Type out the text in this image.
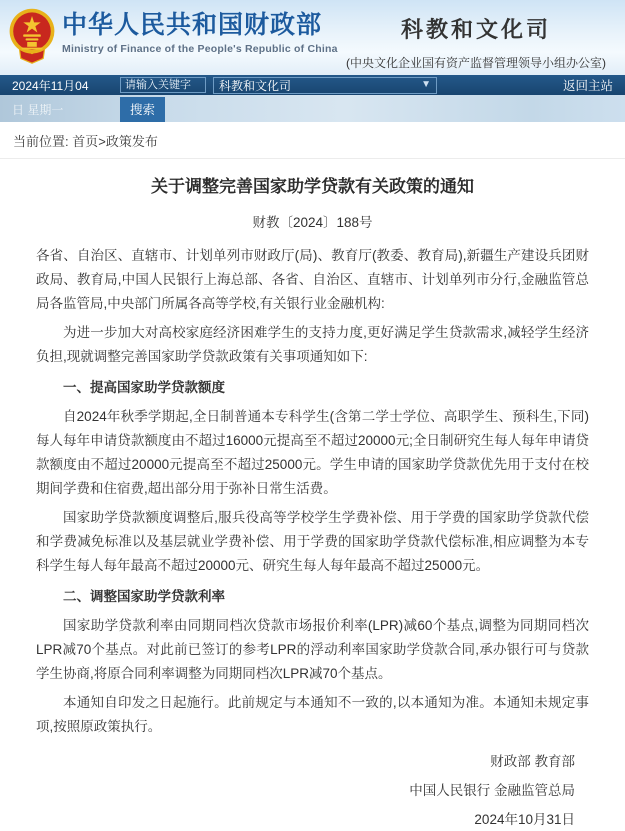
中华人民共和国财政部
Ministry of Finance of the People's Republic of China
科教和文化司
(中央文化企业国有资产监督管理领导小组办公室)
2024年11月04
请输入关键字	科教和文化司	▼	返回主站
日 星期一	搜索
当前位置: 首页>政策发布
关于调整完善国家助学贷款有关政策的通知
财教〔2024〕188号

各省、自治区、直辖市、计划单列市财政厅(局)、教育厅(教委、教育局),新疆生产建设兵团财政局、教育局,中国人民银行上海总部、各省、自治区、直辖市、计划单列市分行,金融监管总局各监管局,中央部门所属各高等学校,有关银行业金融机构:

为进一步加大对高校家庭经济困难学生的支持力度,更好满足学生贷款需求,减轻学生经济负担,现就调整完善国家助学贷款政策有关事项通知如下:

一、提高国家助学贷款额度

自2024年秋季学期起,全日制普通本专科学生(含第二学士学位、高职学生、预科生,下同)每人每年申请贷款额度由不超过16000元提高至不超过20000元;全日制研究生每人每年申请贷款额度由不超过20000元提高至不超过25000元。学生申请的国家助学贷款优先用于支付在校期间学费和住宿费,超出部分用于弥补日常生活费。

国家助学贷款额度调整后,服兵役高等学校学生学费补偿、用于学费的国家助学贷款代偿和学费减免标准以及基层就业学费补偿、用于学费的国家助学贷款代偿标准,相应调整为本专科学生每人每年最高不超过20000元、研究生每人每年最高不超过25000元。

二、调整国家助学贷款利率

国家助学贷款利率由同期同档次贷款市场报价利率(LPR)减60个基点,调整为同期同档次LPR减70个基点。对此前已签订的参考LPR的浮动利率国家助学贷款合同,承办银行可与贷款学生协商,将原合同利率调整为同期同档次LPR减70个基点。

本通知自印发之日起施行。此前规定与本通知不一致的,以本通知为准。本通知未规定事项,按照原政策执行。

财政部 教育部
中国人民银行 金融监管总局
2024年10月31日
